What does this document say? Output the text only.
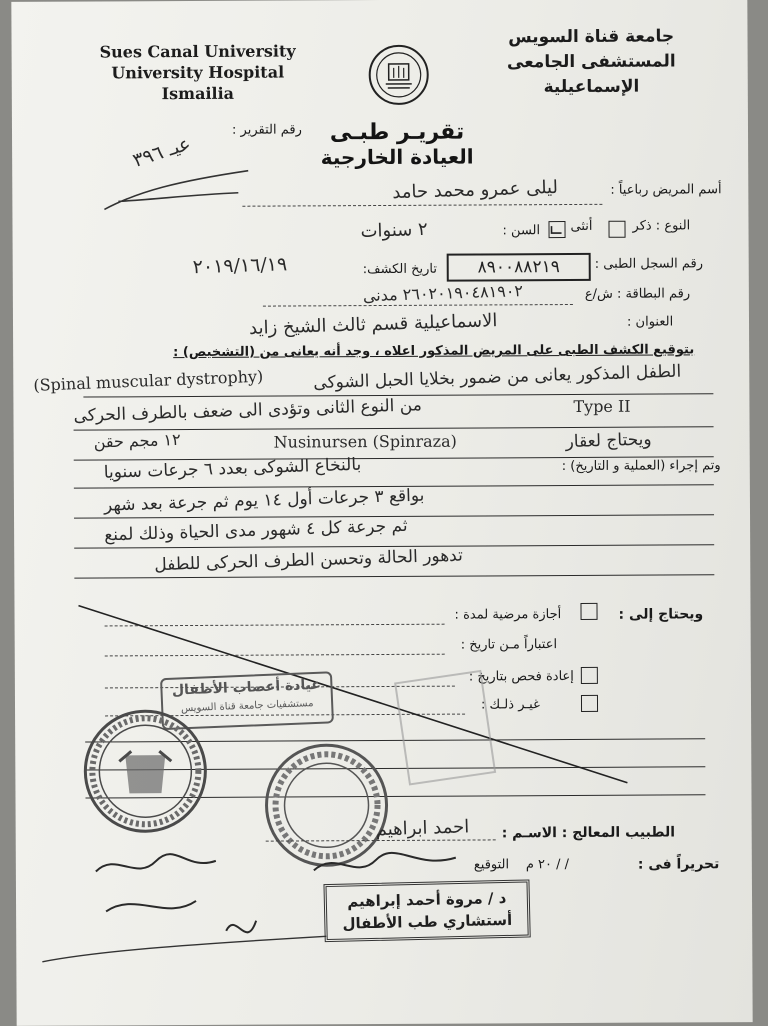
Sues Canal University
University Hospital
Ismailia
جامعة قناة السويس
المستشفى الجامعى
الإسماعيلية
رقم التقرير :
عيـ ٣٩٦	تقريـر طبـى
العيادة الخارجية
أسم المريض رباعياً :
ليلى عمرو محمد حامد
النوع : ذكر
أنثى
السن :
٢ سنوات
رقم السجل الطبى :
٨٩٠٠٨٨٢١٩
تاريخ الكشف:
٢٠١٩/١٦/١٩
رقم البطاقة : ش/ع
٢٦٠٢٠١٩٠٤٨١٩٠٢ مدنى
العنوان :
الاسماعيلية قسم ثالث الشيخ زايد
بتوقيع الكشف الطبى على المريض المذكور اعلاه ، وجد أنه يعانى من (التشخيص) :
الطفل المذكور يعانى من ضمور بخلايا الحبل الشوكى
(Spinal muscular dystrophy)
من النوع الثانى وتؤدى الى ضعف بالطرف الحركى	Type II
ويحتاج لعقار
Nusinursen (Spinraza)
١٢ مجم حقن
وتم إجراء (العملية و التاريخ) :
بالنخاع الشوكى بعدد ٦ جرعات سنويا
بواقع ٣ جرعات أول ١٤ يوم ثم جرعة بعد شهر
ثم جرعة كل ٤ شهور مدى الحياة وذلك لمنع
تدهور الحالة وتحسن الطرف الحركى للطفل
ويحتاج إلى :
أجازة مرضية لمدة :
اعتباراً مـن تاريخ :
إعادة فحص بتاريخ :
غيـر ذلـك :
عيادة أعصاب الأطفال
مستشفيات جامعة قناة السويس
الطبيب المعالج : الاسـم :
احمد ابراهيم
تحريراً فى :
/ / ٢٠ م
التوقيع
د / مروة أحمد إبراهيم
أستشاري طب الأطفال
